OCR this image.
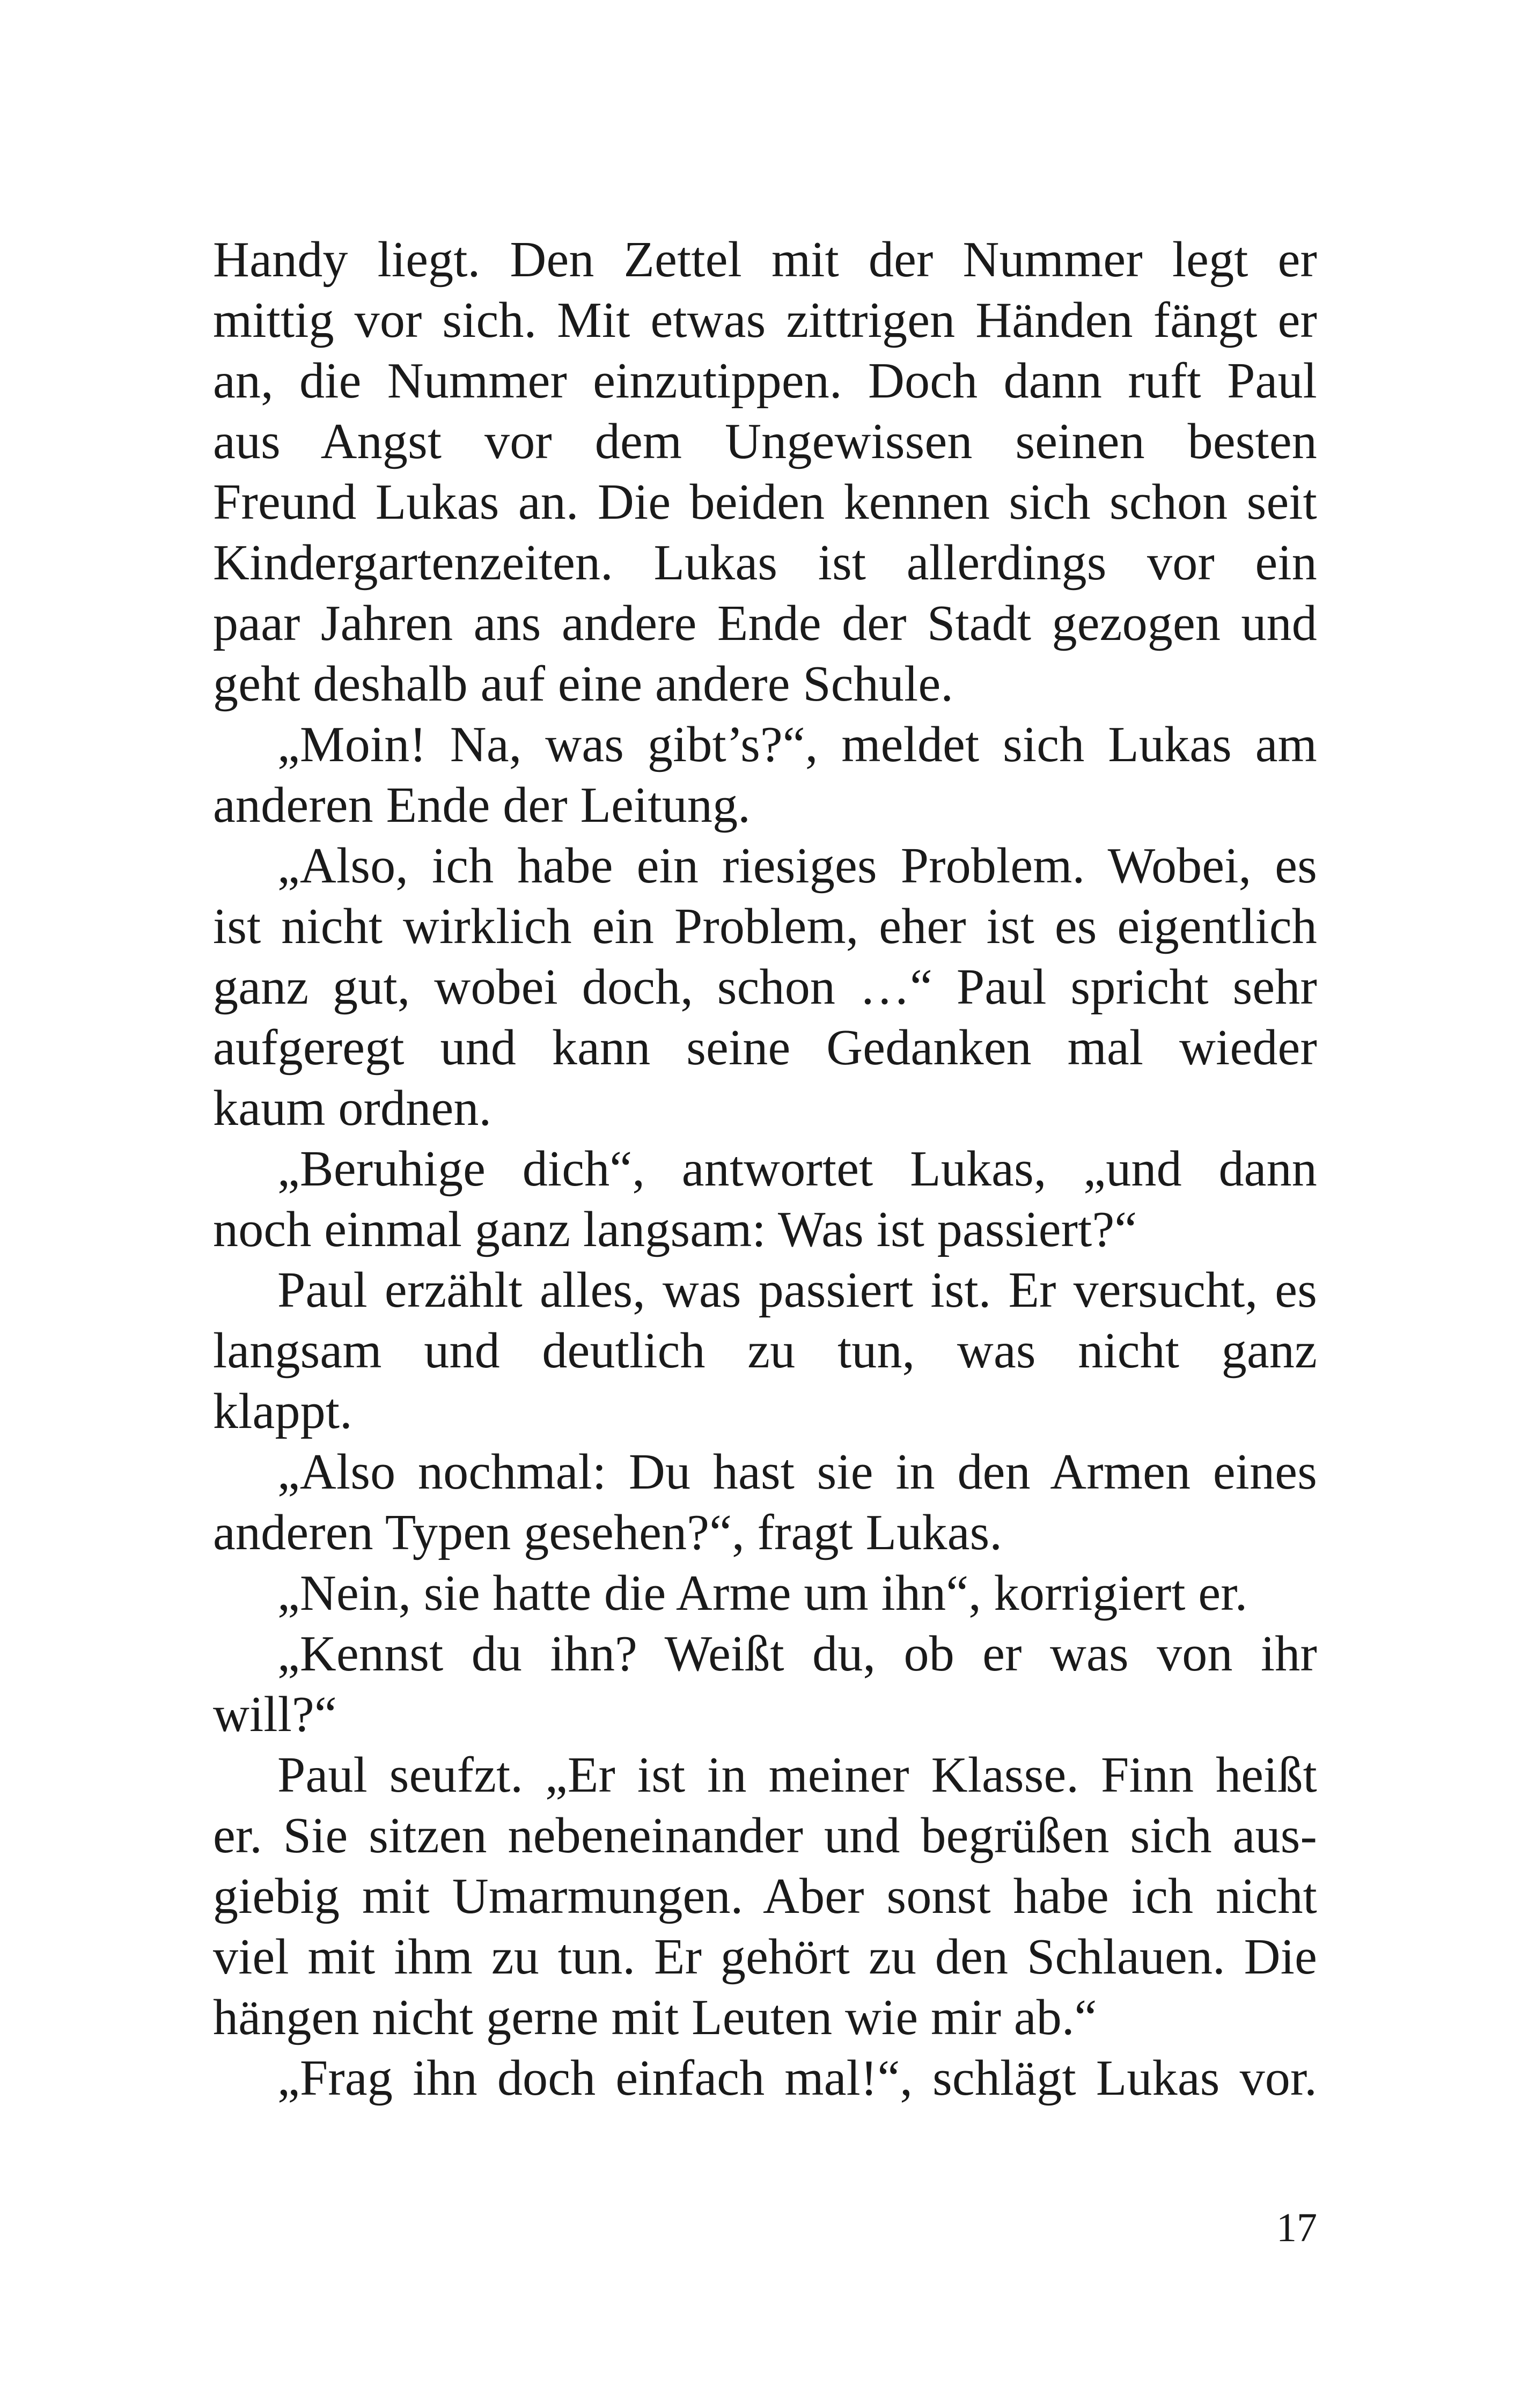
Handy liegt. Den Zettel mit der Nummer legt er
mittig vor sich. Mit etwas zittrigen Händen fängt er
an, die Nummer einzutippen. Doch dann ruft Paul
aus Angst vor dem Ungewissen seinen besten
Freund Lukas an. Die beiden kennen sich schon seit
Kindergartenzeiten. Lukas ist allerdings vor ein
paar Jahren ans andere Ende der Stadt gezogen und
geht deshalb auf eine andere Schule.
„Moin! Na, was gibt’s?“, meldet sich Lukas am
anderen Ende der Leitung.
„Also, ich habe ein riesiges Problem. Wobei, es
ist nicht wirklich ein Problem, eher ist es eigentlich
ganz gut, wobei doch, schon …“ Paul spricht sehr
aufgeregt und kann seine Gedanken mal wieder
kaum ordnen.
„Beruhige dich“, antwortet Lukas, „und dann
noch einmal ganz langsam: Was ist passiert?“
Paul erzählt alles, was passiert ist. Er versucht, es
langsam und deutlich zu tun, was nicht ganz
klappt.
„Also nochmal: Du hast sie in den Armen eines
anderen Typen gesehen?“, fragt Lukas.
„Nein, sie hatte die Arme um ihn“, korrigiert er.
„Kennst du ihn? Weißt du, ob er was von ihr
will?“
Paul seufzt. „Er ist in meiner Klasse. Finn heißt
er. Sie sitzen nebeneinander und begrüßen sich aus-
giebig mit Umarmungen. Aber sonst habe ich nicht
viel mit ihm zu tun. Er gehört zu den Schlauen. Die
hängen nicht gerne mit Leuten wie mir ab.“
„Frag ihn doch einfach mal!“, schlägt Lukas vor.
17
